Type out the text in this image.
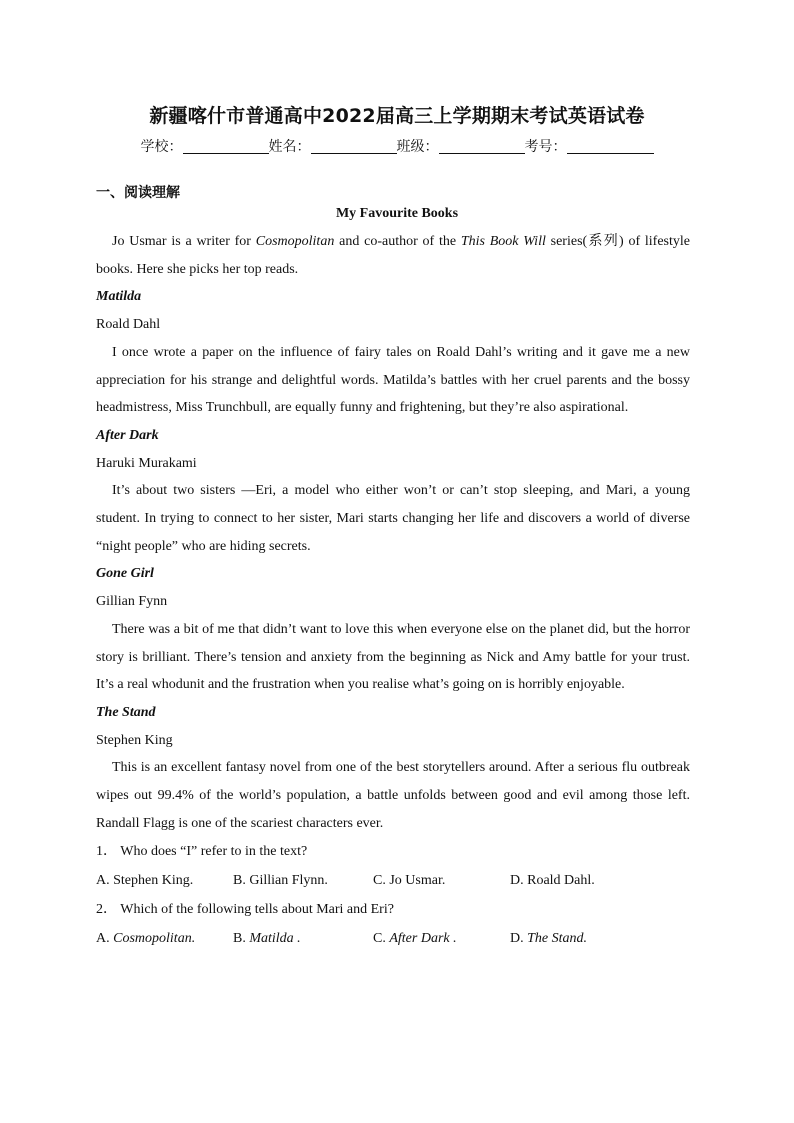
新疆喀什市普通高中2022届高三上学期期末考试英语试卷
学校：	姓名：	班级：	考号：
一、阅读理解
My Favourite Books

Jo Usmar is a writer for Cosmopolitan and co-author of the This Book Will series(系列) of lifestyle books. Here she picks her top reads.

Matilda

Roald Dahl

I once wrote a paper on the influence of fairy tales on Roald Dahl’s writing and it gave me a new appreciation for his strange and delightful words. Matilda’s battles with her cruel parents and the bossy headmistress, Miss Trunchbull, are equally funny and frightening, but they’re also aspirational.

After Dark

Haruki Murakami

It’s about two sisters —Eri, a model who either won’t or can’t stop sleeping, and Mari, a young student. In trying to connect to her sister, Mari starts changing her life and discovers a world of diverse “night people” who are hiding secrets.

Gone Girl

Gillian Fynn

There was a bit of me that didn’t want to love this when everyone else on the planet did, but the horror story is brilliant. There’s tension and anxiety from the beginning as Nick and Amy battle for your trust. It’s a real whodunit and the frustration when you realise what’s going on is horribly enjoyable.

The Stand

Stephen King

This is an excellent fantasy novel from one of the best storytellers around. After a serious flu outbreak wipes out 99.4% of the world’s population, a battle unfolds between good and evil among those left. Randall Flagg is one of the scariest characters ever.

1． Who does “I” refer to in the text?

A. Stephen King.	B. Gillian Flynn.	C. Jo Usmar.	D. Roald Dahl.

2． Which of the following tells about Mari and Eri?

A. Cosmopolitan.	B. Matilda .	C. After Dark .	D. The Stand.
